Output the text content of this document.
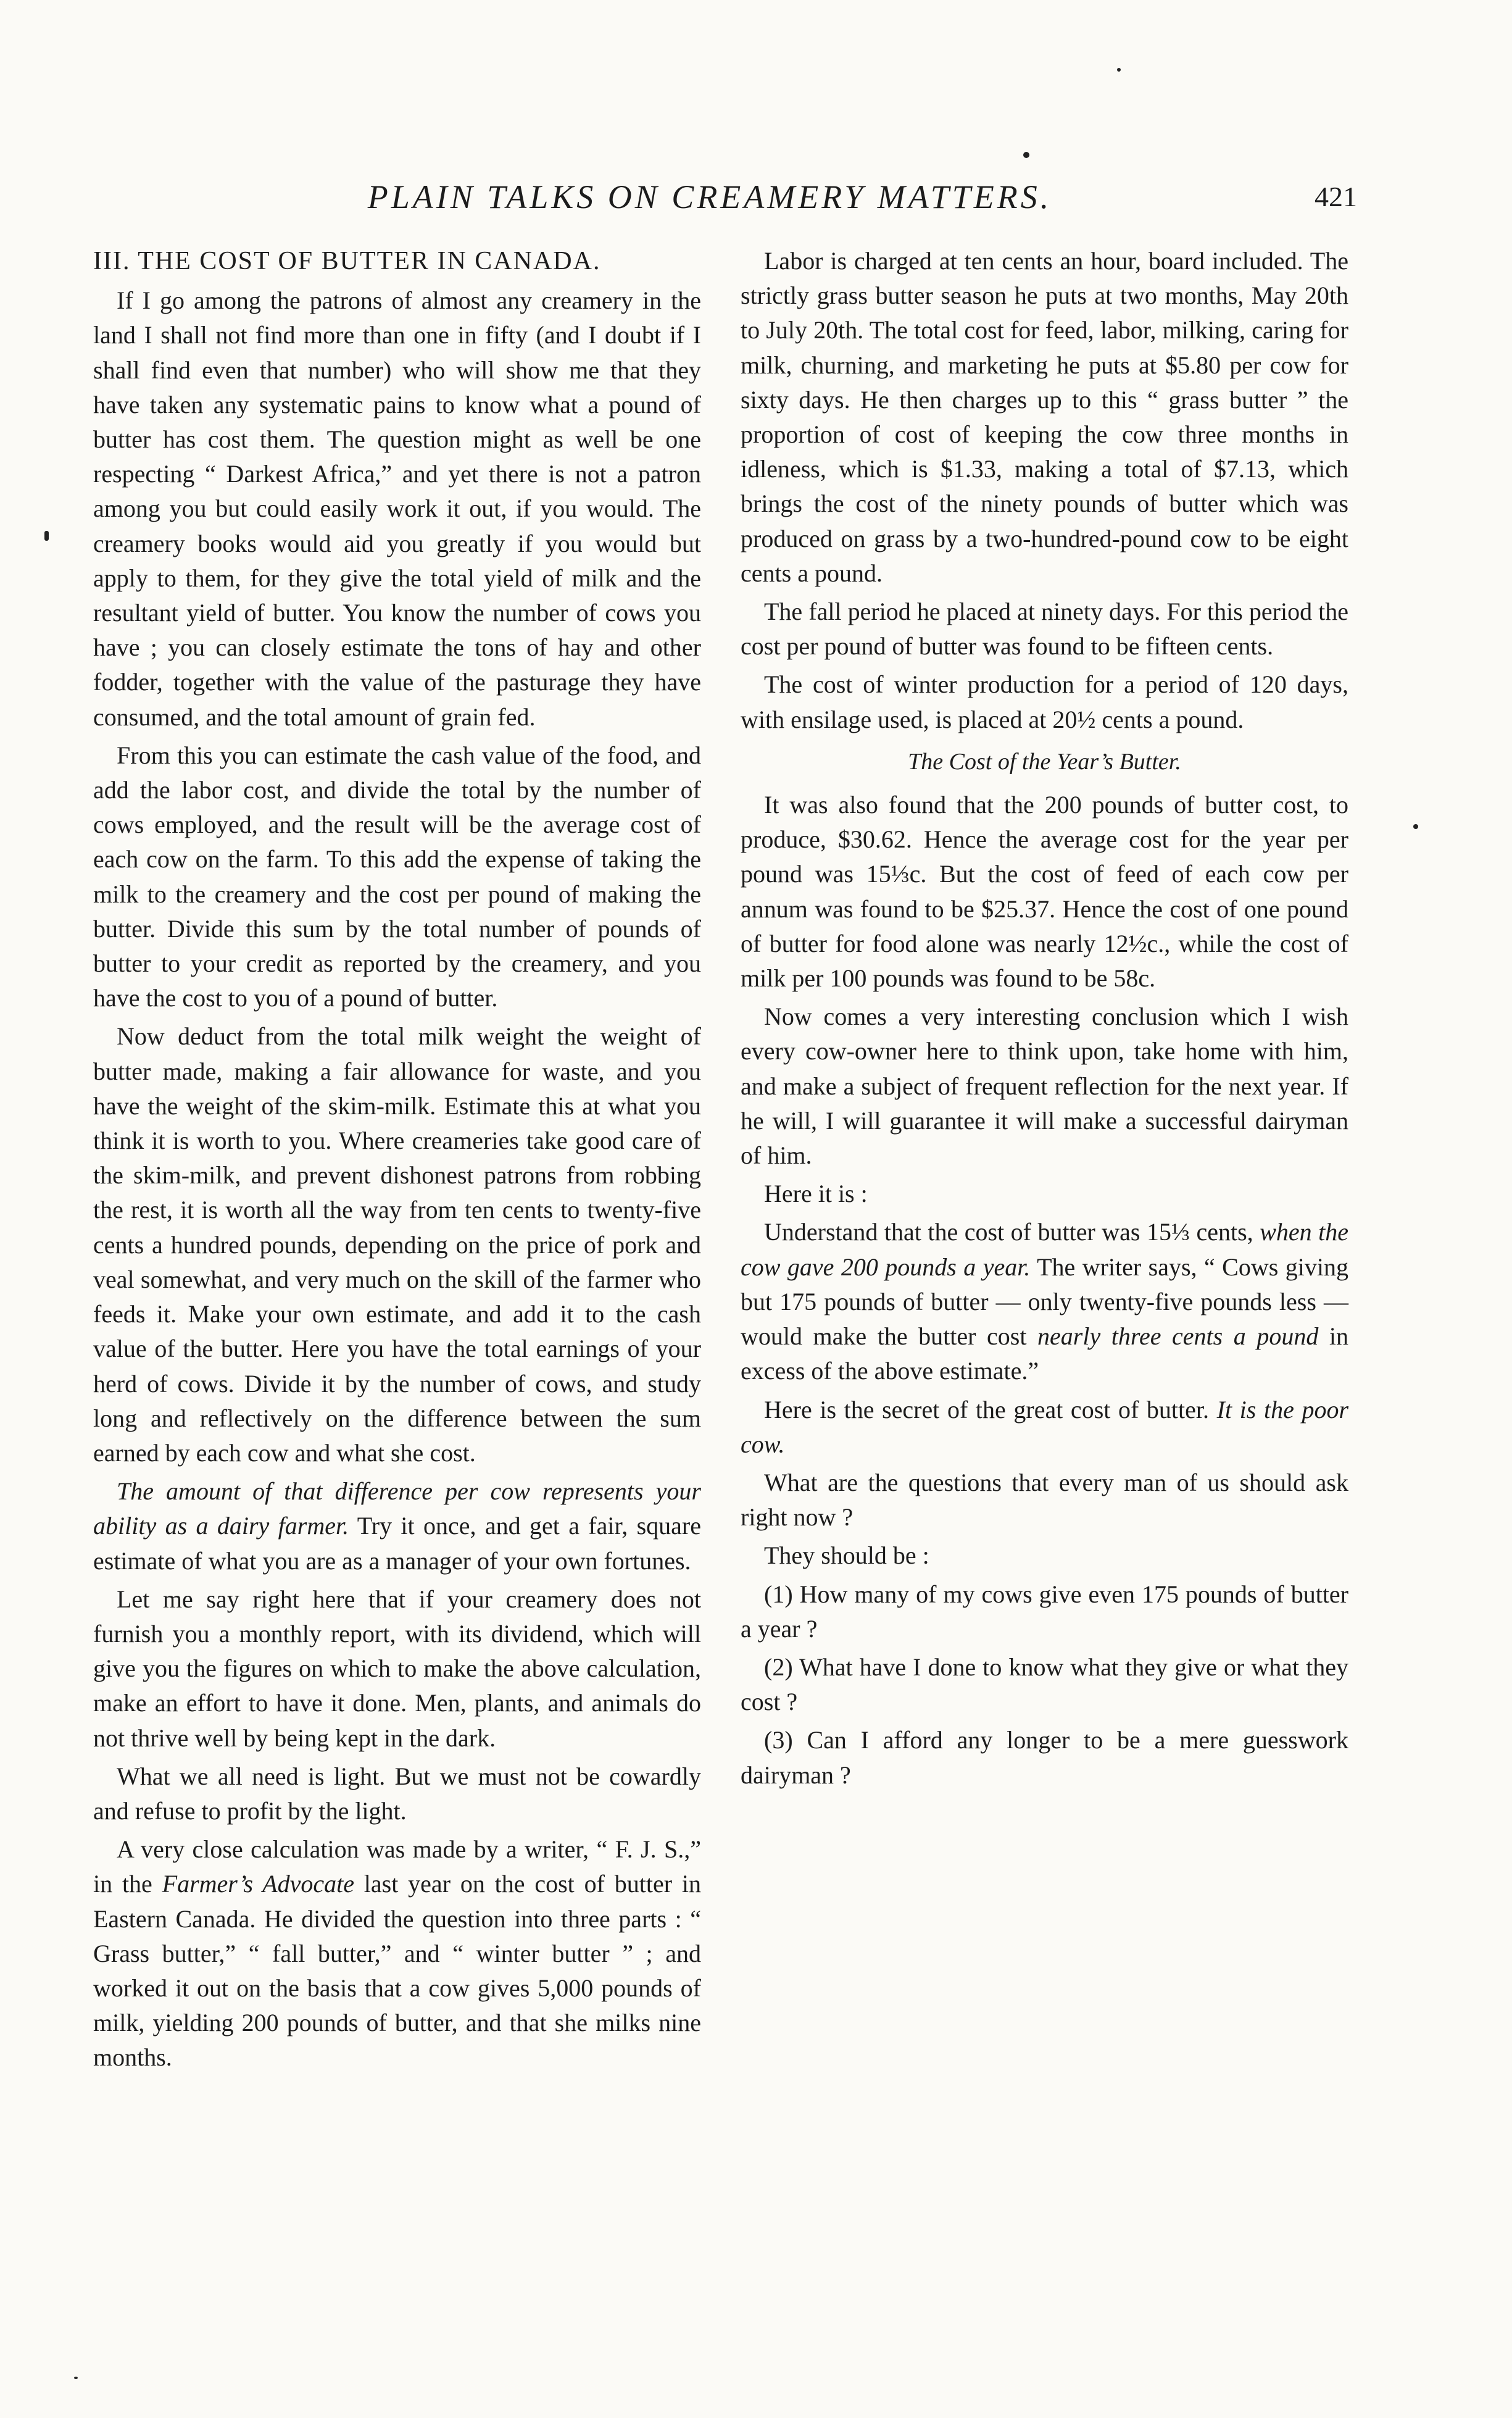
PLAIN TALKS ON CREAMERY MATTERS.	421
III. THE COST OF BUTTER IN CANADA.

If I go among the patrons of almost any creamery in the land I shall not find more than one in fifty (and I doubt if I shall find even that number) who will show me that they have taken any systematic pains to know what a pound of butter has cost them. The question might as well be one respecting “ Darkest Africa,” and yet there is not a patron among you but could easily work it out, if you would. The creamery books would aid you greatly if you would but apply to them, for they give the total yield of milk and the resultant yield of butter. You know the number of cows you have ; you can closely estimate the tons of hay and other fodder, together with the value of the pasturage they have consumed, and the total amount of grain fed.

From this you can estimate the cash value of the food, and add the labor cost, and divide the total by the number of cows employed, and the result will be the average cost of each cow on the farm. To this add the expense of taking the milk to the creamery and the cost per pound of making the butter. Divide this sum by the total number of pounds of butter to your credit as reported by the creamery, and you have the cost to you of a pound of butter.

Now deduct from the total milk weight the weight of butter made, making a fair allowance for waste, and you have the weight of the skim-milk. Estimate this at what you think it is worth to you. Where creameries take good care of the skim-milk, and prevent dishonest patrons from robbing the rest, it is worth all the way from ten cents to twenty-five cents a hundred pounds, depending on the price of pork and veal somewhat, and very much on the skill of the farmer who feeds it. Make your own estimate, and add it to the cash value of the butter. Here you have the total earnings of your herd of cows. Divide it by the number of cows, and study long and reflectively on the difference between the sum earned by each cow and what she cost.

The amount of that difference per cow represents your ability as a dairy farmer. Try it once, and get a fair, square estimate of what you are as a manager of your own fortunes.

Let me say right here that if your creamery does not furnish you a monthly report, with its dividend, which will give you the figures on which to make the above calculation, make an effort to have it done. Men, plants, and animals do not thrive well by being kept in the dark.

What we all need is light. But we must not be cowardly and refuse to profit by the light.

A very close calculation was made by a writer, “ F. J. S.,” in the Farmer’s Advocate last year on the cost of butter in Eastern Canada. He divided the question into three parts : “ Grass butter,” “ fall butter,” and “ winter butter ” ; and worked it out on the basis that a cow gives 5,000 pounds of milk, yielding 200 pounds of butter, and that she milks nine months.

Labor is charged at ten cents an hour, board included. The strictly grass butter season he puts at two months, May 20th to July 20th. The total cost for feed, labor, milking, caring for milk, churning, and marketing he puts at $5.80 per cow for sixty days. He then charges up to this “ grass butter ” the proportion of cost of keeping the cow three months in idleness, which is $1.33, making a total of $7.13, which brings the cost of the ninety pounds of butter which was produced on grass by a two-hundred-pound cow to be eight cents a pound.

The fall period he placed at ninety days. For this period the cost per pound of butter was found to be fifteen cents.

The cost of winter production for a period of 120 days, with ensilage used, is placed at 20½ cents a pound.

The Cost of the Year’s Butter.

It was also found that the 200 pounds of butter cost, to produce, $30.62. Hence the average cost for the year per pound was 15⅓c. But the cost of feed of each cow per annum was found to be $25.37. Hence the cost of one pound of butter for food alone was nearly 12½c., while the cost of milk per 100 pounds was found to be 58c.

Now comes a very interesting conclusion which I wish every cow-owner here to think upon, take home with him, and make a subject of frequent reflection for the next year. If he will, I will guarantee it will make a successful dairyman of him.

Here it is :

Understand that the cost of butter was 15⅓ cents, when the cow gave 200 pounds a year. The writer says, “ Cows giving but 175 pounds of butter — only twenty-five pounds less — would make the butter cost nearly three cents a pound in excess of the above estimate.”

Here is the secret of the great cost of butter. It is the poor cow.

What are the questions that every man of us should ask right now ?

They should be :

(1) How many of my cows give even 175 pounds of butter a year ?

(2) What have I done to know what they give or what they cost ?

(3) Can I afford any longer to be a mere guesswork dairyman ?
